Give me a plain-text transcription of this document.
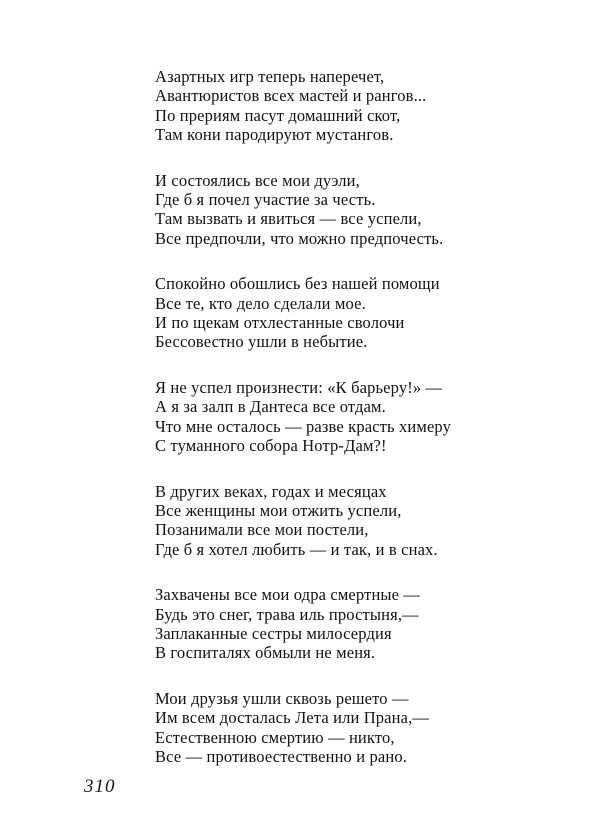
Азартных игр теперь наперечет,
Авантюристов всех мастей и рангов...
По прериям пасут домашний скот,
Там кони пародируют мустангов.
И состоялись все мои дуэли,
Где б я почел участие за честь.
Там вызвать и явиться — все успели,
Все предпочли, что можно предпочесть.
Спокойно обошлись без нашей помощи
Все те, кто дело сделали мое.
И по щекам отхлестанные сволочи
Бессовестно ушли в небытие.
Я не успел произнести: «К барьеру!» —
А я за залп в Дантеса все отдам.
Что мне осталось — разве красть химеру
С туманного собора Нотр-Дам?!
В других веках, годах и месяцах
Все женщины мои отжить успели,
Позанимали все мои постели,
Где б я хотел любить — и так, и в снах.
Захвачены все мои одра смертные —
Будь это снег, трава иль простыня,—
Заплаканные сестры милосердия
В госпиталях обмыли не меня.
Мои друзья ушли сквозь решето —
Им всем досталась Лета или Прана,—
Естественною смертию — никто,
Все — противоестественно и рано.
310
